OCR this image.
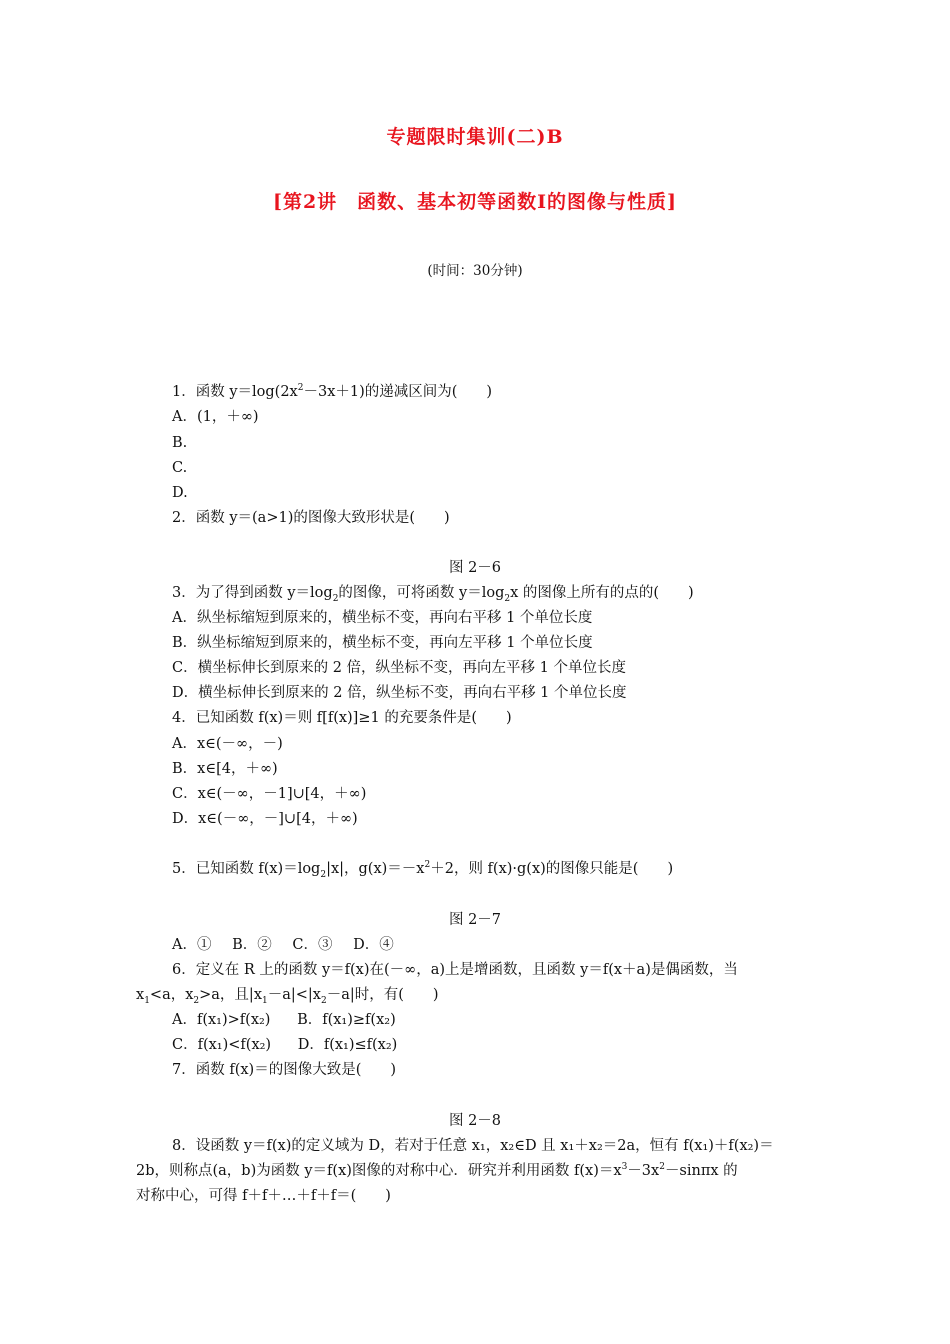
专题限时集训(二)B
[第2讲　函数、基本初等函数Ⅰ的图像与性质]
(时间：30分钟)
1．函数 $y=\log(2x^2-3x+1)$的递减区间为(　　)
A．(1，＋∞)
B.
C.
D.
2．函数 y＝(a>1)的图像大致形状是(　　)
图 2－6
3．为了得到函数 $y=\log_2$的图像，可将函数 $y=\log_2x$ 的图像上所有的点的(　　)
A．纵坐标缩短到原来的，横坐标不变，再向右平移 1 个单位长度
B．纵坐标缩短到原来的，横坐标不变，再向左平移 1 个单位长度
C．横坐标伸长到原来的 2 倍，纵坐标不变，再向左平移 1 个单位长度
D．横坐标伸长到原来的 2 倍，纵坐标不变，再向右平移 1 个单位长度
4．已知函数 f(x)＝则 f[f(x)]≥1 的充要条件是(　　)
A．x∈(－∞，－)
B．x∈[4，＋∞)
C．x∈(－∞，－1]∪[4，＋∞)
D．x∈(－∞，－]∪[4，＋∞)
5．已知函数 $f(x)=\log_2|x|$，$g(x)=-x^2+2$，则 f(x)·g(x)的图像只能是(　　)
图 2－7
A．① B．② C．③ D．④
6．定义在 R 上的函数 y＝f(x)在(－∞，a)上是增函数，且函数 y＝f(x＋a)是偶函数，当
$x_1<a$，$x_2>a$，且$|x_1-a|<|x_2-a|$时，有(　　)
A．f(x₁)>f(x₂) B．f(x₁)≥f(x₂)
C．f(x₁)<f(x₂) D．f(x₁)≤f(x₂)
7．函数 f(x)＝的图像大致是(　　)
图 2－8
8．设函数 y＝f(x)的定义域为 D，若对于任意 x₁，x₂∈D 且 x₁＋x₂＝2a，恒有 f(x₁)＋f(x₂)＝
2b，则称点(a，b)为函数 y＝f(x)图像的对称中心．研究并利用函数 $f(x)=x^3-3x^2-\sin\pi x$ 的
对称中心，可得 f＋f＋…＋f＋f＝(　　)
